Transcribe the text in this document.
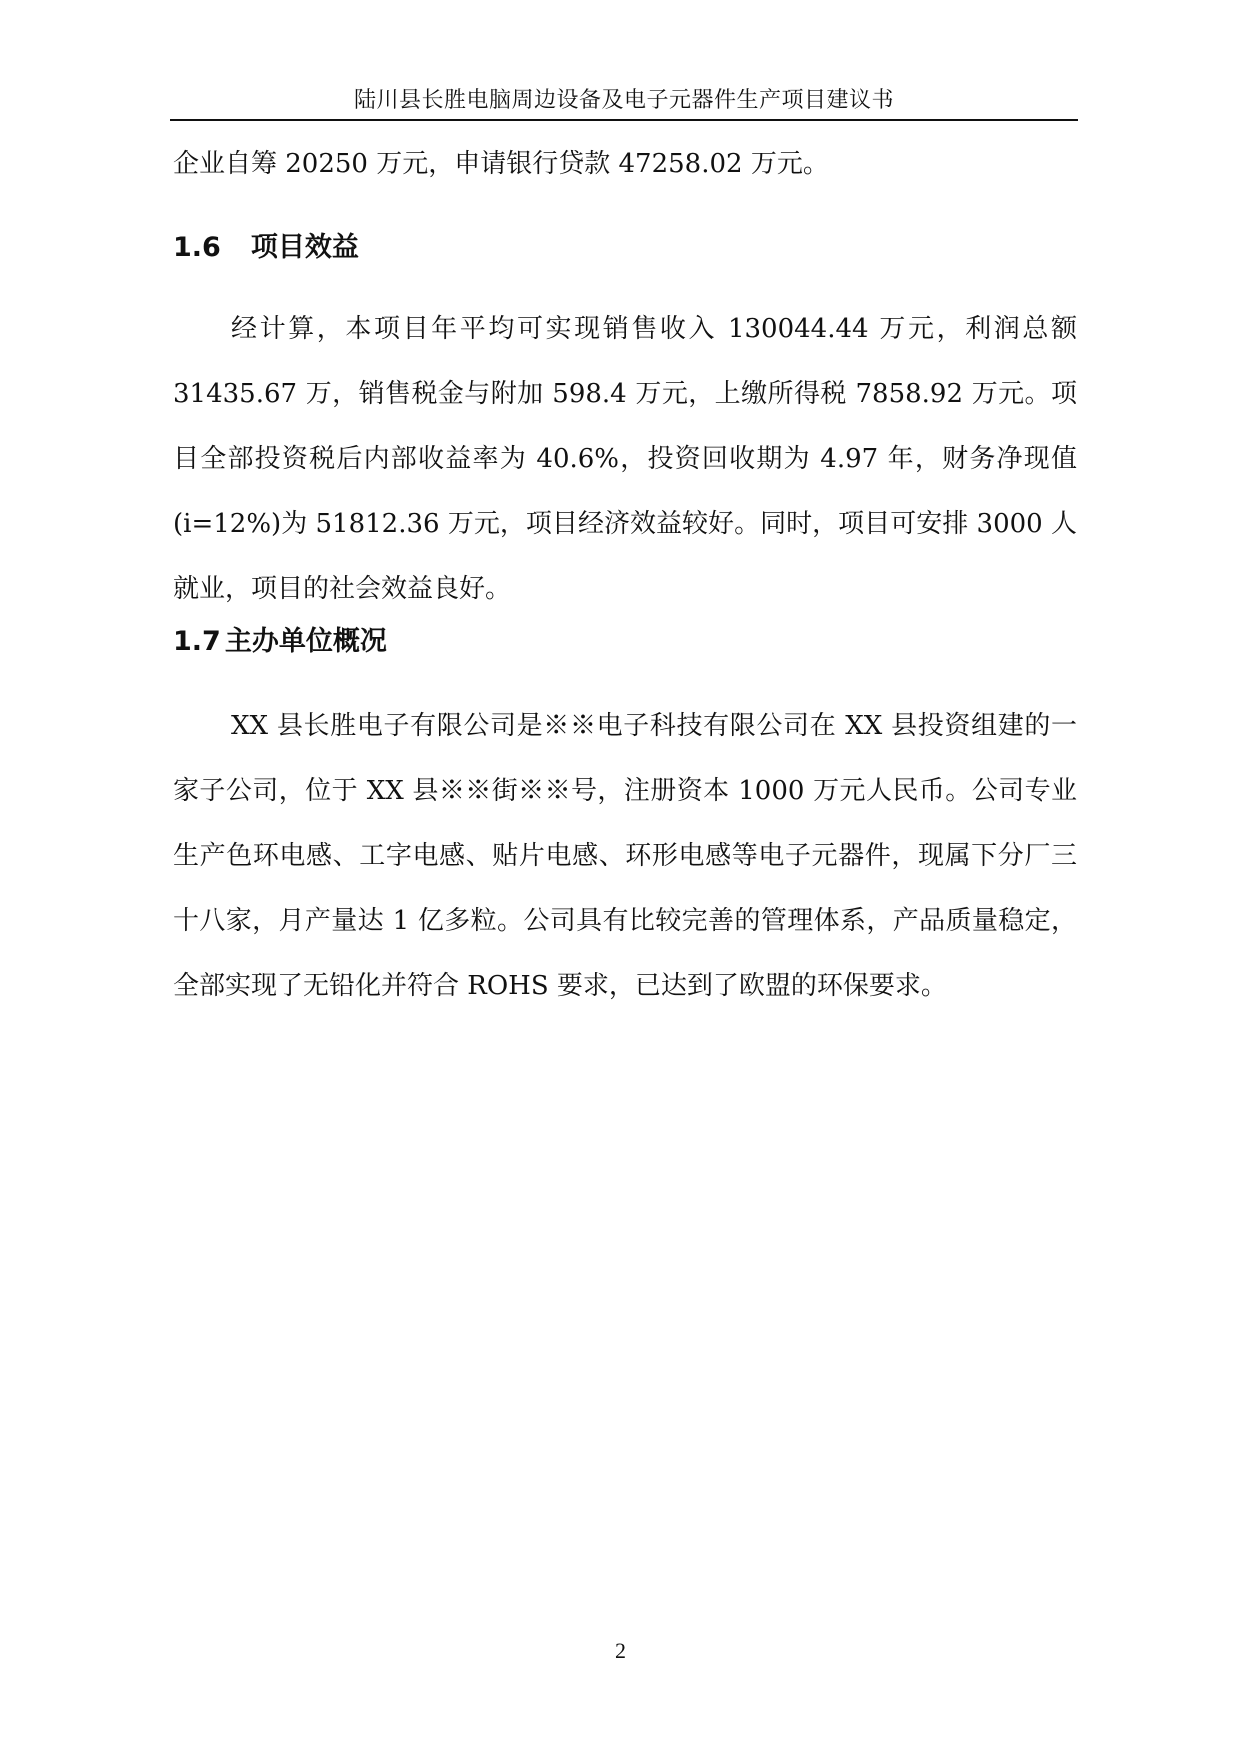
陆川县长胜电脑周边设备及电子元器件生产项目建议书

企业自筹 20250 万元，申请银行贷款 47258.02 万元。

1.6 项目效益

经计算，本项目年平均可实现销售收入 130044.44 万元，利润总额 31435.67 万，销售税金与附加 598.4 万元，上缴所得税 7858.92 万元。项目全部投资税后内部收益率为 40.6%，投资回收期为 4.97 年，财务净现值(i=12%)为 51812.36 万元，项目经济效益较好。同时，项目可安排 3000 人就业，项目的社会效益良好。

1.7 主办单位概况

XX 县长胜电子有限公司是※※电子科技有限公司在 XX 县投资组建的一家子公司，位于 XX 县※※街※※号，注册资本 1000 万元人民币。公司专业生产色环电感、工字电感、贴片电感、环形电感等电子元器件，现属下分厂三十八家，月产量达 1 亿多粒。公司具有比较完善的管理体系，产品质量稳定，全部实现了无铅化并符合 ROHS 要求，已达到了欧盟的环保要求。

2
